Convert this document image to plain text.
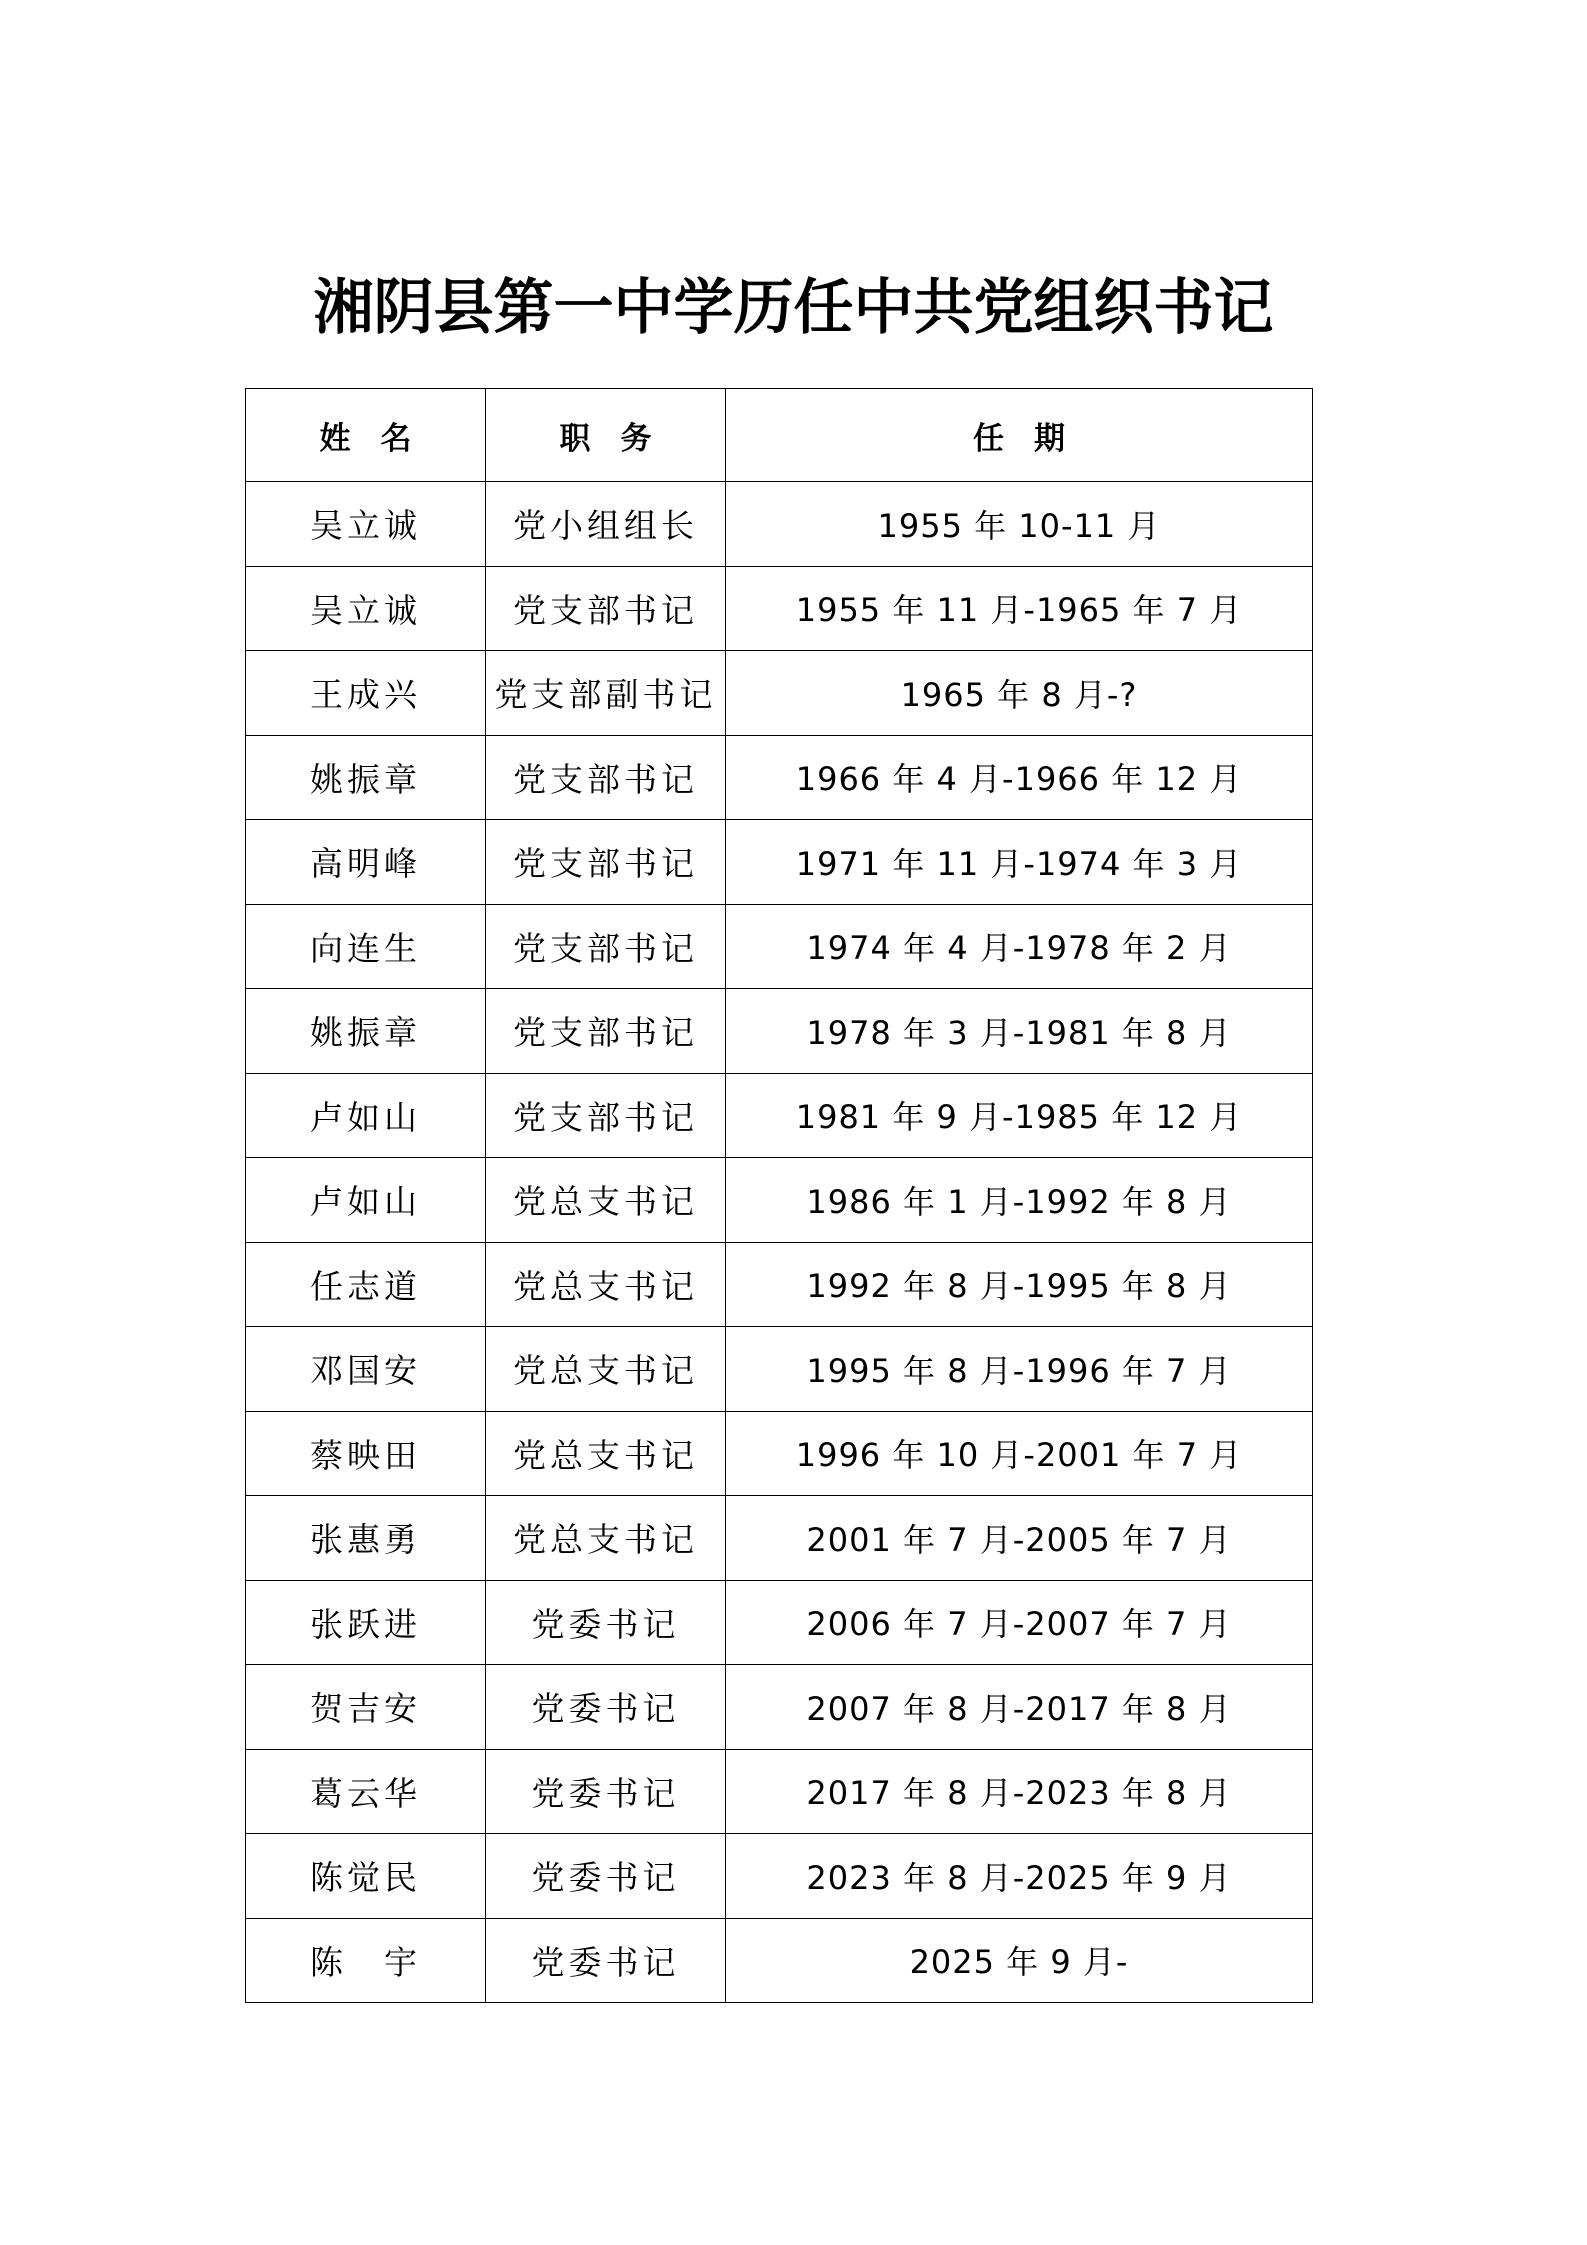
湘阴县第一中学历任中共党组织书记
姓名	职务	任期
吴立诚	党小组组长	1955 年 10-11 月
吴立诚	党支部书记	1955 年 11 月-1965 年 7 月
王成兴	党支部副书记	1965 年 8 月-?
姚振章	党支部书记	1966 年 4 月-1966 年 12 月
高明峰	党支部书记	1971 年 11 月-1974 年 3 月
向连生	党支部书记	1974 年 4 月-1978 年 2 月
姚振章	党支部书记	1978 年 3 月-1981 年 8 月
卢如山	党支部书记	1981 年 9 月-1985 年 12 月
卢如山	党总支书记	1986 年 1 月-1992 年 8 月
任志道	党总支书记	1992 年 8 月-1995 年 8 月
邓国安	党总支书记	1995 年 8 月-1996 年 7 月
蔡映田	党总支书记	1996 年 10 月-2001 年 7 月
张惠勇	党总支书记	2001 年 7 月-2005 年 7 月
张跃进	党委书记	2006 年 7 月-2007 年 7 月
贺吉安	党委书记	2007 年 8 月-2017 年 8 月
葛云华	党委书记	2017 年 8 月-2023 年 8 月
陈觉民	党委书记	2023 年 8 月-2025 年 9 月
陈　宇	党委书记	2025 年 9 月-
